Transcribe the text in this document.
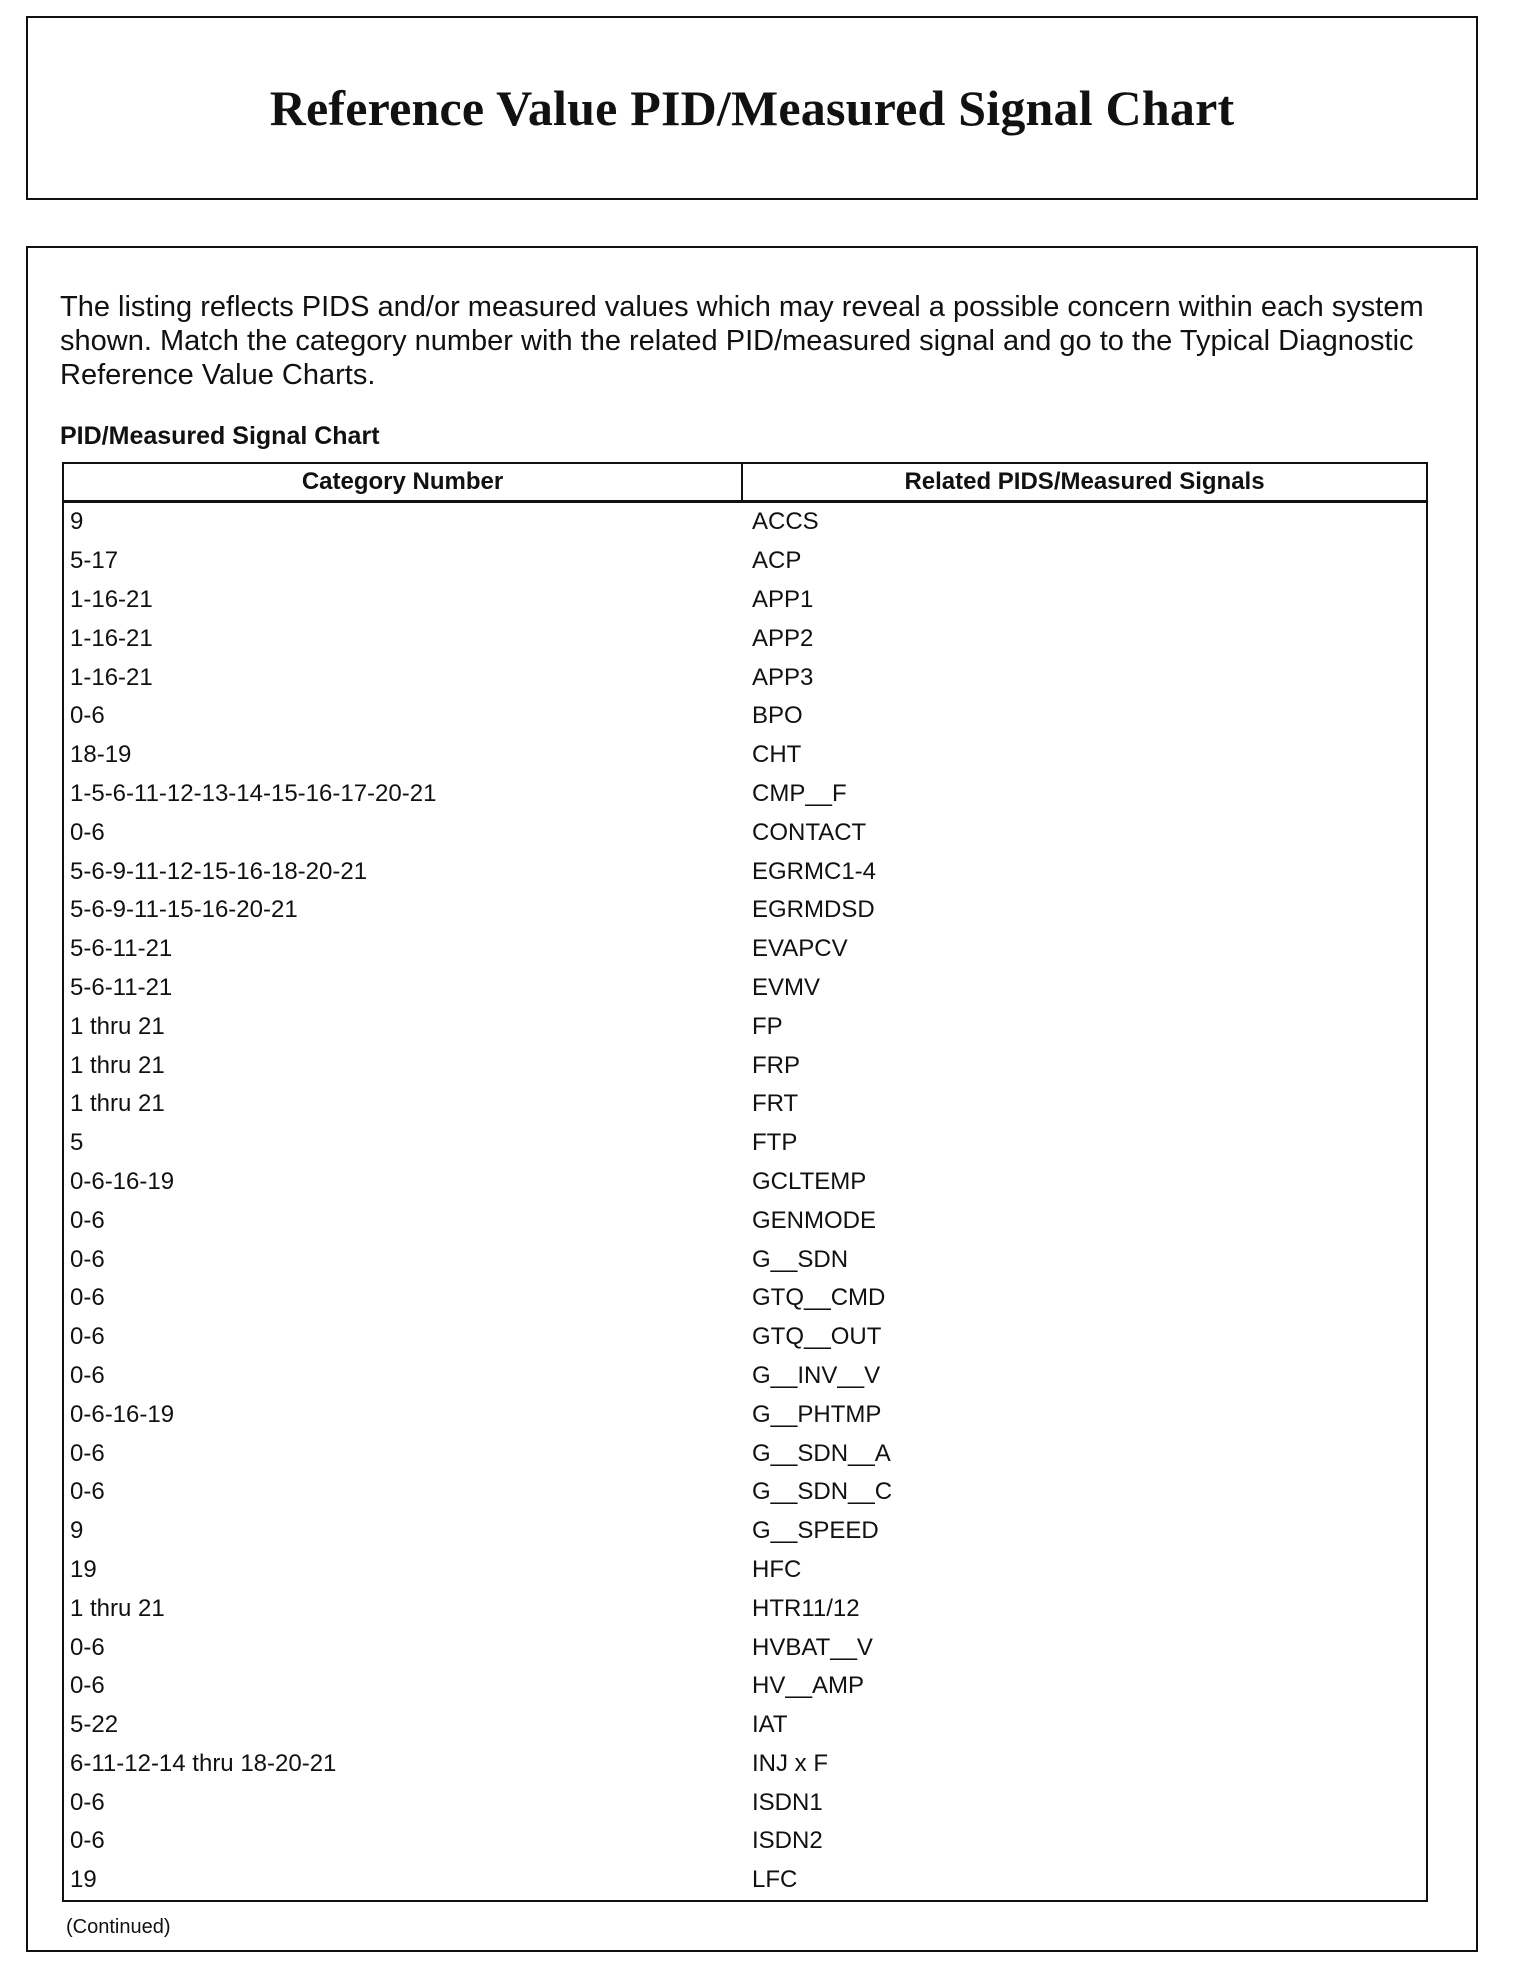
Reference Value PID/Measured Signal Chart

The listing reflects PIDS and/or measured values which may reveal a possible concern within each system shown. Match the category number with the related PID/measured signal and go to the Typical Diagnostic Reference Value Charts.

PID/Measured Signal Chart

Category Number	Related PIDS/Measured Signals
9	ACCS
5-17	ACP
1-16-21	APP1
1-16-21	APP2
1-16-21	APP3
0-6	BPO
18-19	CHT
1-5-6-11-12-13-14-15-16-17-20-21	CMP__F
0-6	CONTACT
5-6-9-11-12-15-16-18-20-21	EGRMC1-4
5-6-9-11-15-16-20-21	EGRMDSD
5-6-11-21	EVAPCV
5-6-11-21	EVMV
1 thru 21	FP
1 thru 21	FRP
1 thru 21	FRT
5	FTP
0-6-16-19	GCLTEMP
0-6	GENMODE
0-6	G__SDN
0-6	GTQ__CMD
0-6	GTQ__OUT
0-6	G__INV__V
0-6-16-19	G__PHTMP
0-6	G__SDN__A
0-6	G__SDN__C
9	G__SPEED
19	HFC
1 thru 21	HTR11/12
0-6	HVBAT__V
0-6	HV__AMP
5-22	IAT
6-11-12-14 thru 18-20-21	INJ x F
0-6	ISDN1
0-6	ISDN2
19	LFC

(Continued)
